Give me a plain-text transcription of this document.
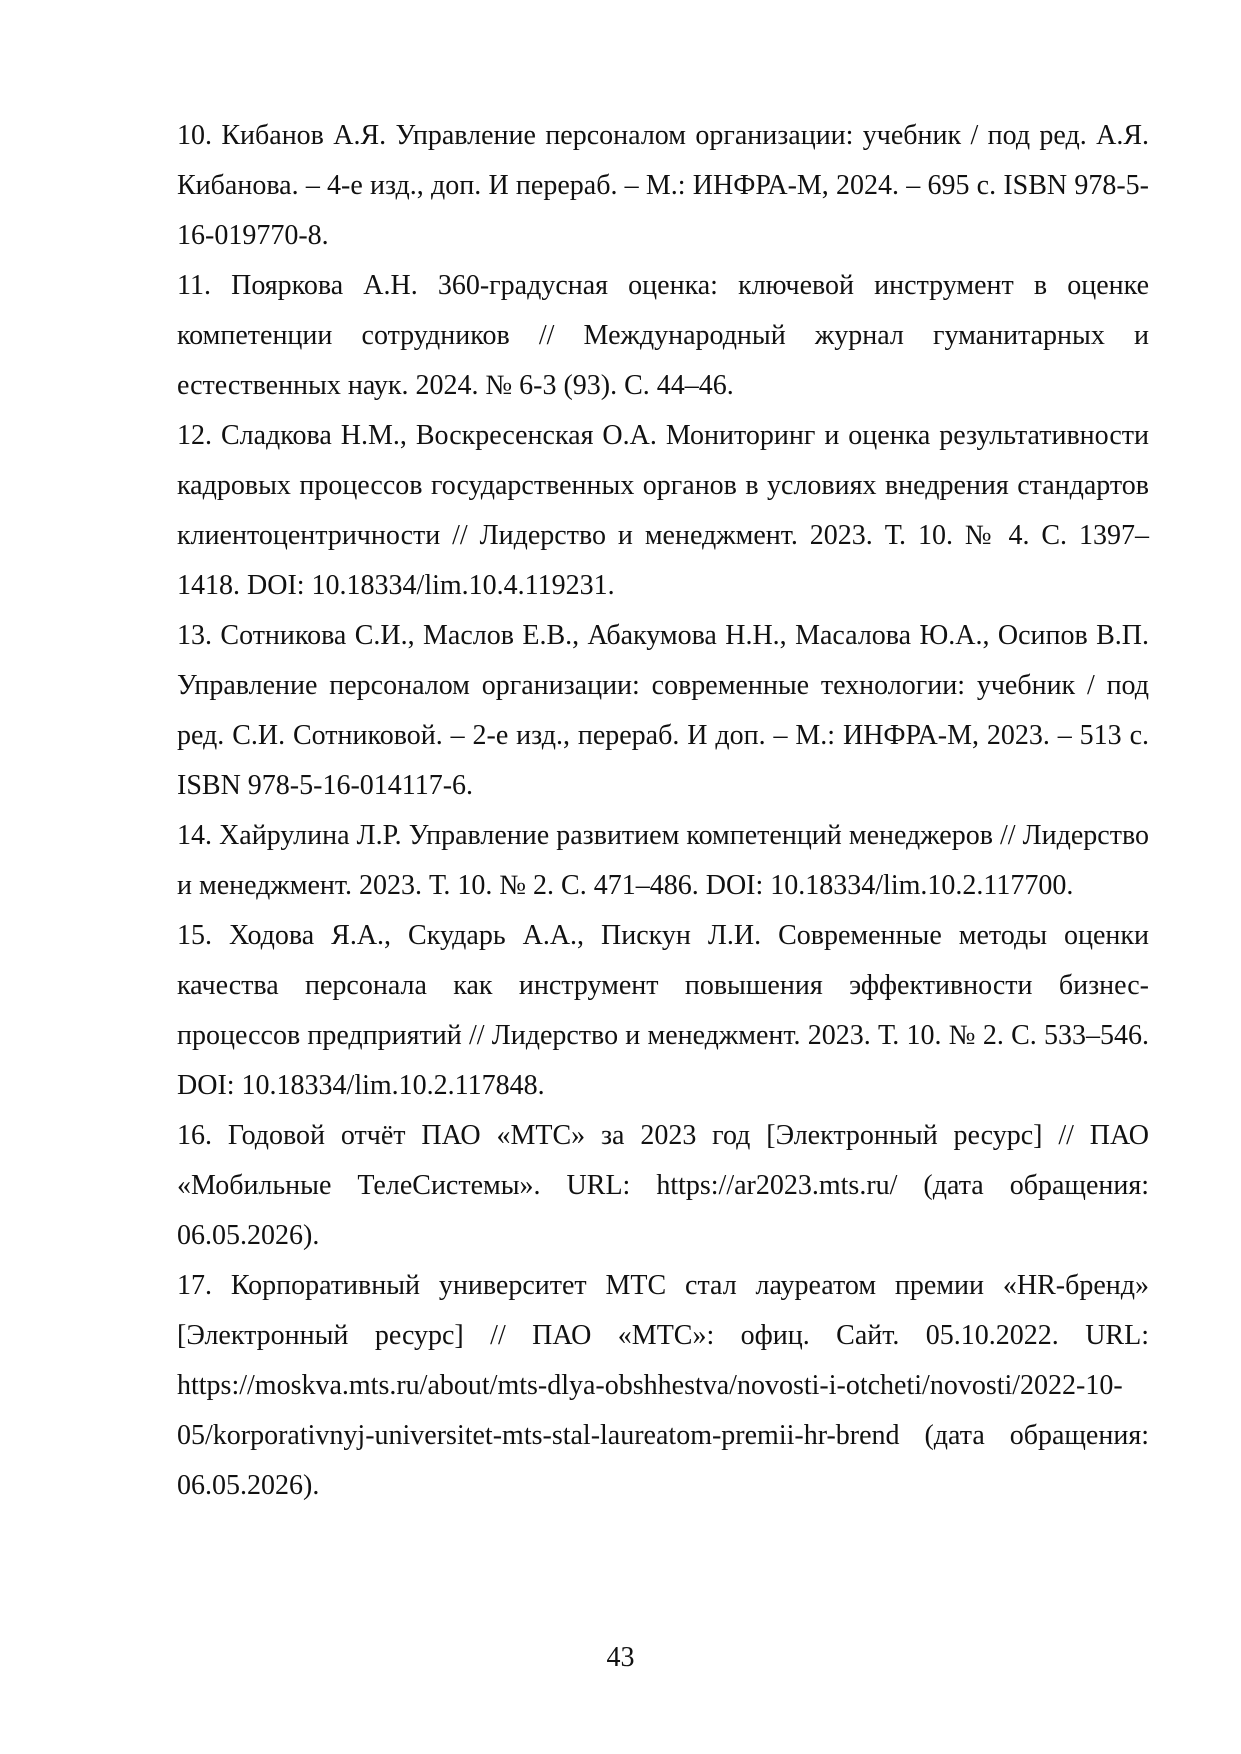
10. Кибанов А.Я. Управление персоналом организации: учебник / под ред. А.Я. Кибанова. – 4-е изд., доп. И перераб. – М.: ИНФРА-М, 2024. – 695 с. ISBN 978-5-16-019770-8.
11. Пояркова А.Н. 360-градусная оценка: ключевой инструмент в оценке компетенции сотрудников // Международный журнал гуманитарных и естественных наук. 2024. № 6-3 (93). С. 44–46.
12. Сладкова Н.М., Воскресенская О.А. Мониторинг и оценка результативности кадровых процессов государственных органов в условиях внедрения стандартов клиентоцентричности // Лидерство и менеджмент. 2023. Т. 10. № 4. С. 1397–1418. DOI: 10.18334/lim.10.4.119231.
13. Сотникова С.И., Маслов Е.В., Абакумова Н.Н., Масалова Ю.А., Осипов В.П. Управление персоналом организации: современные технологии: учебник / под ред. С.И. Сотниковой. – 2-е изд., перераб. И доп. – М.: ИНФРА-М, 2023. – 513 с. ISBN 978-5-16-014117-6.
14. Хайрулина Л.Р. Управление развитием компетенций менеджеров // Лидерство и менеджмент. 2023. Т. 10. № 2. С. 471–486. DOI: 10.18334/lim.10.2.117700.
15. Ходова Я.А., Скударь А.А., Пискун Л.И. Современные методы оценки качества персонала как инструмент повышения эффективности бизнес-процессов предприятий // Лидерство и менеджмент. 2023. Т. 10. № 2. С. 533–546. DOI: 10.18334/lim.10.2.117848.
16. Годовой отчёт ПАО «МТС» за 2023 год [Электронный ресурс] // ПАО «Мобильные ТелеСистемы». URL: https://ar2023.mts.ru/ (дата обращения: 06.05.2026).
17. Корпоративный университет МТС стал лауреатом премии «HR-бренд» [Электронный ресурс] // ПАО «МТС»: офиц. Сайт. 05.10.2022. URL: https://moskva.mts.ru/about/mts-dlya-obshhestva/novosti-i-otcheti/novosti/2022-10-05/korporativnyj-universitet-mts-stal-laureatom-premii-hr-brend (дата обращения: 06.05.2026).
43
